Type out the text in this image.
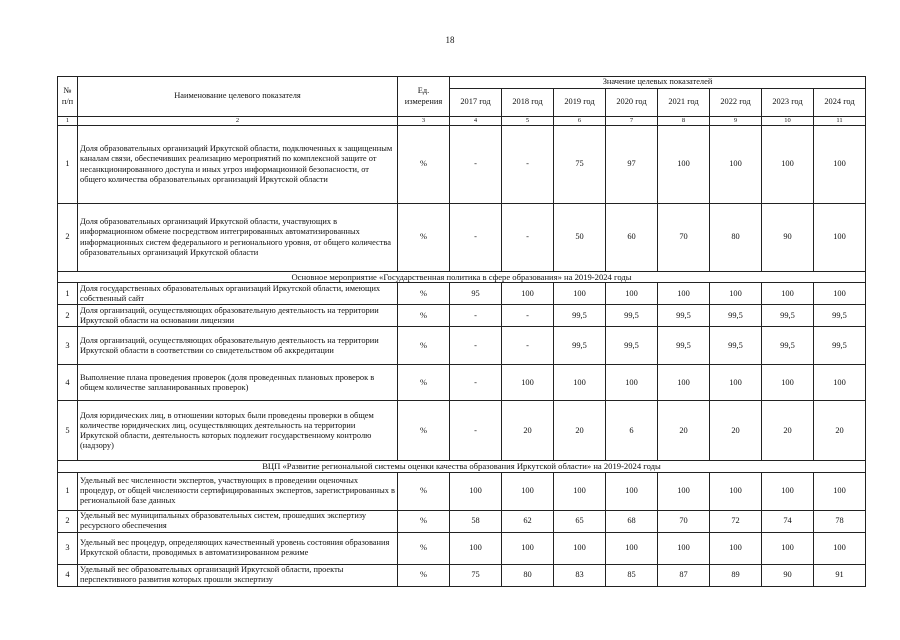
18
№ п/п	Наименование целевого показателя	Ед. измерения	Значение целевых показателей							
			2017 год	2018 год	2019 год	2020 год	2021 год	2022 год	2023 год	2024 год
1	2	3	4	5	6	7	8	9	10	11
1	Доля образовательных организаций Иркутской области, подключенных к защищенным каналам связи, обеспечивших реализацию мероприятий по комплексной защите от несанкционированного доступа и иных угроз информационной безопасности, от общего количества образовательных организаций Иркутской области	%	-	-	75	97	100	100	100	100
2	Доля образовательных организаций Иркутской области, участвующих в информационном обмене посредством интегрированных автоматизированных информационных систем федерального и регионального уровня, от общего количества образовательных организаций Иркутской области	%	-	-	50	60	70	80	90	100
Основное мероприятие «Государственная политика в сфере образования» на 2019-2024 годы										
1	Доля государственных образовательных организаций Иркутской области, имеющих собственный сайт	%	95	100	100	100	100	100	100	100
2	Доля организаций, осуществляющих образовательную деятельность на территории Иркутской области на основании лицензии	%	-	-	99,5	99,5	99,5	99,5	99,5	99,5
3	Доля организаций, осуществляющих образовательную деятельность на территории Иркутской области в соответствии со свидетельством об аккредитации	%	-	-	99,5	99,5	99,5	99,5	99,5	99,5
4	Выполнение плана проведения проверок (доля проведенных плановых проверок в общем количестве запланированных проверок)	%	-	100	100	100	100	100	100	100
5	Доля юридических лиц, в отношении которых были проведены проверки в общем количестве юридических лиц, осуществляющих деятельность на территории Иркутской области, деятельность которых подлежит государственному контролю (надзору)	%	-	20	20	6	20	20	20	20
ВЦП «Развитие региональной системы оценки качества образования Иркутской области» на 2019-2024 годы										
1	Удельный вес численности экспертов, участвующих в проведении оценочных процедур, от общей численности сертифицированных экспертов, зарегистрированных в региональной базе данных	%	100	100	100	100	100	100	100	100
2	Удельный вес муниципальных образовательных систем, прошедших экспертизу ресурсного обеспечения	%	58	62	65	68	70	72	74	78
3	Удельный вес процедур, определяющих качественный уровень состояния образования Иркутской области, проводимых в автоматизированном режиме	%	100	100	100	100	100	100	100	100
4	Удельный вес образовательных организаций Иркутской области, проекты перспективного развития которых прошли экспертизу	%	75	80	83	85	87	89	90	91
